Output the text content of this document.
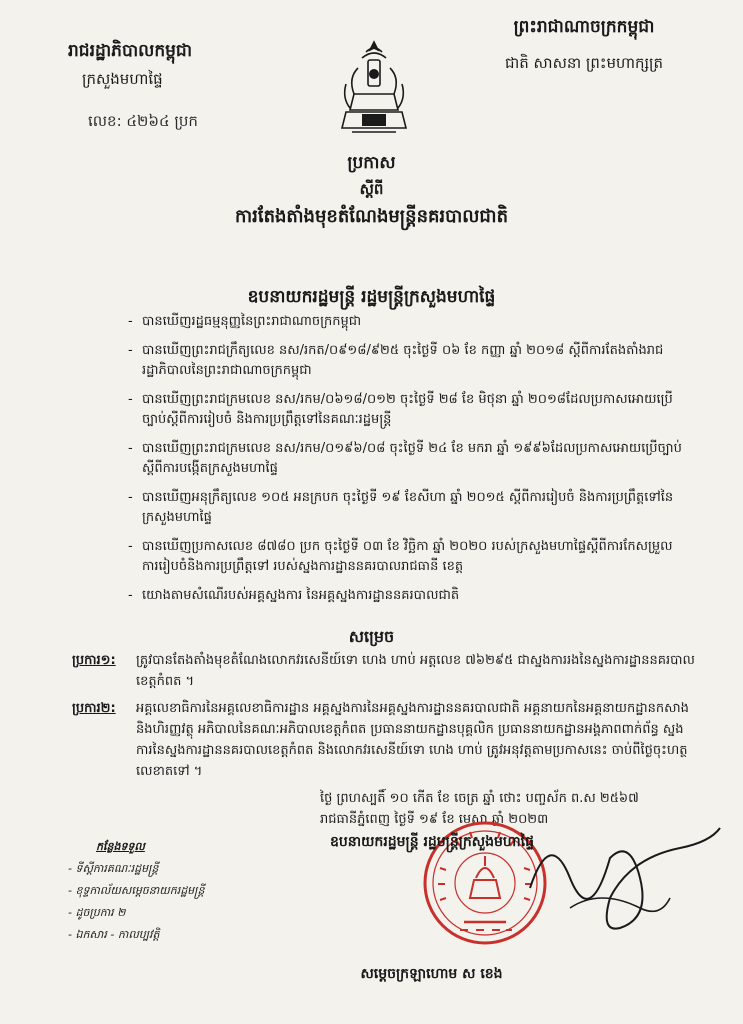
រាជរដ្ឋាភិបាលកម្ពុជា
ក្រសួងមហាផ្ទៃ
លេខ: ៤២៦៤ ប្រក
ព្រះរាជាណាចក្រកម្ពុជា
ជាតិ សាសនា ព្រះមហាក្សត្រ
ប្រកាស
ស្តីពី
ការតែងតាំងមុខតំណែងមន្ត្រីនគរបាលជាតិ
ឧបនាយករដ្ឋមន្ត្រី រដ្ឋមន្ត្រីក្រសួងមហាផ្ទៃ
- បានឃើញរដ្ឋធម្មនុញ្ញនៃព្រះរាជាណាចក្រកម្ពុជា
- បានឃើញព្រះរាជក្រឹត្យលេខ នស/រកត/០៩១៨/៩២៥ ចុះថ្ងៃទី ០៦ ខែ កញ្ញា ឆ្នាំ ២០១៨ ស្តីពីការតែងតាំងរាជរដ្ឋាភិបាលនៃព្រះរាជាណាចក្រកម្ពុជា
- បានឃើញព្រះរាជក្រមលេខ នស/រកម/០៦១៨/០១២ ចុះថ្ងៃទី ២៨ ខែ មិថុនា ឆ្នាំ ២០១៨ដែលប្រកាសអោយប្រើច្បាប់ស្តីពីការរៀបចំ និងការប្រព្រឹត្តទៅនៃគណៈរដ្ឋមន្ត្រី
- បានឃើញព្រះរាជក្រមលេខ នស/រកម/០១៩៦/០៨ ចុះថ្ងៃទី ២៤ ខែ មករា ឆ្នាំ ១៩៩៦ដែលប្រកាសអោយប្រើច្បាប់ស្តីពីការបង្កើតក្រសួងមហាផ្ទៃ
- បានឃើញអនុក្រឹត្យលេខ ១០៥ អនក្របក ចុះថ្ងៃទី ១៩ ខែសីហា ឆ្នាំ ២០១៥ ស្តីពីការរៀបចំ និងការប្រព្រឹត្តទៅនៃក្រសួងមហាផ្ទៃ
- បានឃើញប្រកាសលេខ ៨៧៨០ ប្រក ចុះថ្ងៃទី ០៣ ខែ វិច្ឆិកា ឆ្នាំ ២០២០ របស់ក្រសួងមហាផ្ទៃស្តីពីការកែសម្រួលការរៀបចំនិងការប្រព្រឹត្តទៅ របស់ស្នងការដ្ឋាននគរបាលរាជធានី ខេត្ត
- យោងតាមសំណើរបស់អគ្គស្នងការ នៃអគ្គស្នងការដ្ឋាននគរបាលជាតិ
សម្រេច
ប្រការ១:	ត្រូវបានតែងតាំងមុខតំណែងលោកវរសេនីយ៍ទោ ហេង ហាប់ អត្តលេខ ៧៦២៩៥ ជាស្នងការរងនៃស្នងការដ្ឋាននគរបាលខេត្តកំពត ។
ប្រការ២:	អគ្គលេខាធិការនៃអគ្គលេខាធិការដ្ឋាន អគ្គស្នងការនៃអគ្គស្នងការដ្ឋាននគរបាលជាតិ អគ្គនាយកនៃអគ្គនាយកដ្ឋានកសាង និងហិរញ្ញវត្ថុ អភិបាលនៃគណៈអភិបាលខេត្តកំពត ប្រធាននាយកដ្ឋានបុគ្គលិក ប្រធាននាយកដ្ឋានអង្គភាពពាក់ព័ន្ធ ស្នងការនៃស្នងការដ្ឋាននគរបាលខេត្តកំពត និងលោកវរសេនីយ៍ទោ ហេង ហាប់ ត្រូវអនុវត្តតាមប្រកាសនេះ ចាប់ពីថ្ងៃចុះហត្ថលេខាតទៅ ។
ថ្ងៃ ព្រហស្បតិ៍ ១០ កើត ខែ ចេត្រ ឆ្នាំ ថោះ បញ្ចស័ក ព.ស ២៥៦៧
រាជធានីភ្នំពេញ ថ្ងៃទី ១៩ ខែ មេសា ឆ្នាំ ២០២៣
កន្លែងទទួល
- ទីស្តីការគណៈរដ្ឋមន្ត្រី
- ខុទ្ទកាល័យសម្តេចនាយករដ្ឋមន្ត្រី
- ដូចប្រការ ២
- ឯកសារ - កាលប្បវត្តិ
ឧបនាយករដ្ឋមន្ត្រី រដ្ឋមន្ត្រីក្រសួងមហាផ្ទៃ
សម្តេចក្រឡាហោម ស ខេង
